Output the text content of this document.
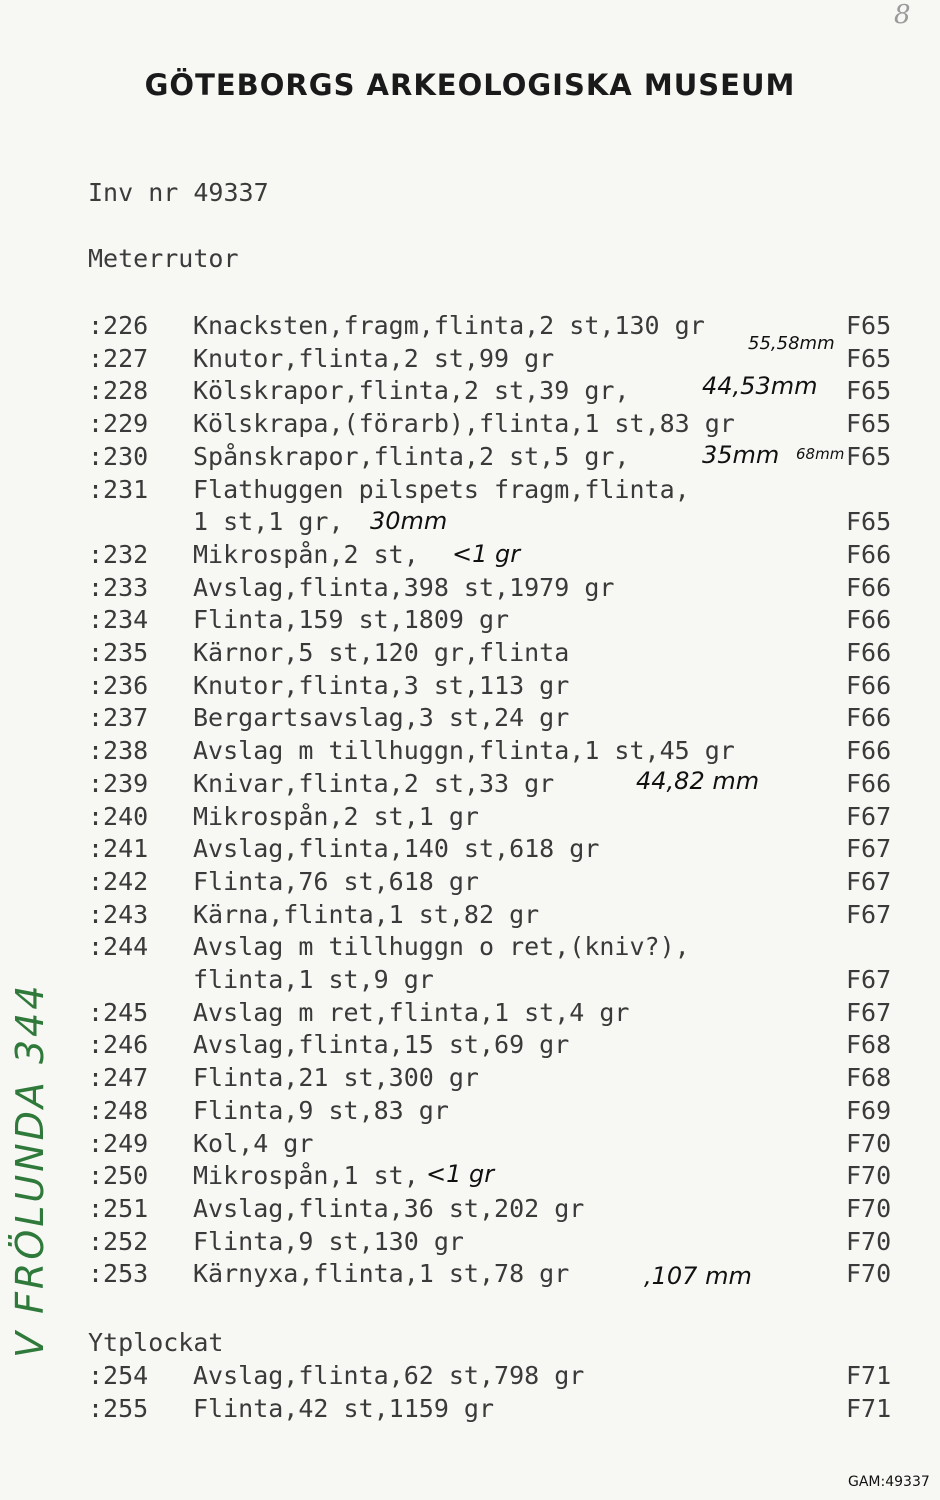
8
GÖTEBORGS ARKEOLOGISKA MUSEUM
Inv nr 49337
Meterrutor
:226 Knacksten,fragm,flinta,2 st,130 gr	F65
:227 Knutor,flinta,2 st,99 gr	F65
:228 Kölskrapor,flinta,2 st,39 gr,	F65
:229 Kölskrapa,(förarb),flinta,1 st,83 gr	F65
:230 Spånskrapor,flinta,2 st,5 gr,	F65
:231 Flathuggen pilspets fragm,flinta,
1 st,1 gr,	F65
:232 Mikrospån,2 st,	F66
:233 Avslag,flinta,398 st,1979 gr	F66
:234 Flinta,159 st,1809 gr	F66
:235 Kärnor,5 st,120 gr,flinta	F66
:236 Knutor,flinta,3 st,113 gr	F66
:237 Bergartsavslag,3 st,24 gr	F66
:238 Avslag m tillhuggn,flinta,1 st,45 gr	F66
:239 Knivar,flinta,2 st,33 gr	F66
:240 Mikrospån,2 st,1 gr	F67
:241 Avslag,flinta,140 st,618 gr	F67
:242 Flinta,76 st,618 gr	F67
:243 Kärna,flinta,1 st,82 gr	F67
:244 Avslag m tillhuggn o ret,(kniv?),
flinta,1 st,9 gr	F67
:245 Avslag m ret,flinta,1 st,4 gr	F67
:246 Avslag,flinta,15 st,69 gr	F68
:247 Flinta,21 st,300 gr	F68
:248 Flinta,9 st,83 gr	F69
:249 Kol,4 gr	F70
:250 Mikrospån,1 st,	F70
:251 Avslag,flinta,36 st,202 gr	F70
:252 Flinta,9 st,130 gr	F70
:253 Kärnyxa,flinta,1 st,78 gr	F70
Ytplockat
:254 Avslag,flinta,62 st,798 gr	F71
:255 Flinta,42 st,1159 gr	F71
55,58mm
44,53mm
35mm 68mm
30mm
<1 gr
44,82 mm
<1 gr
,107 mm
V FRÖLUNDA 344
GAM:49337
